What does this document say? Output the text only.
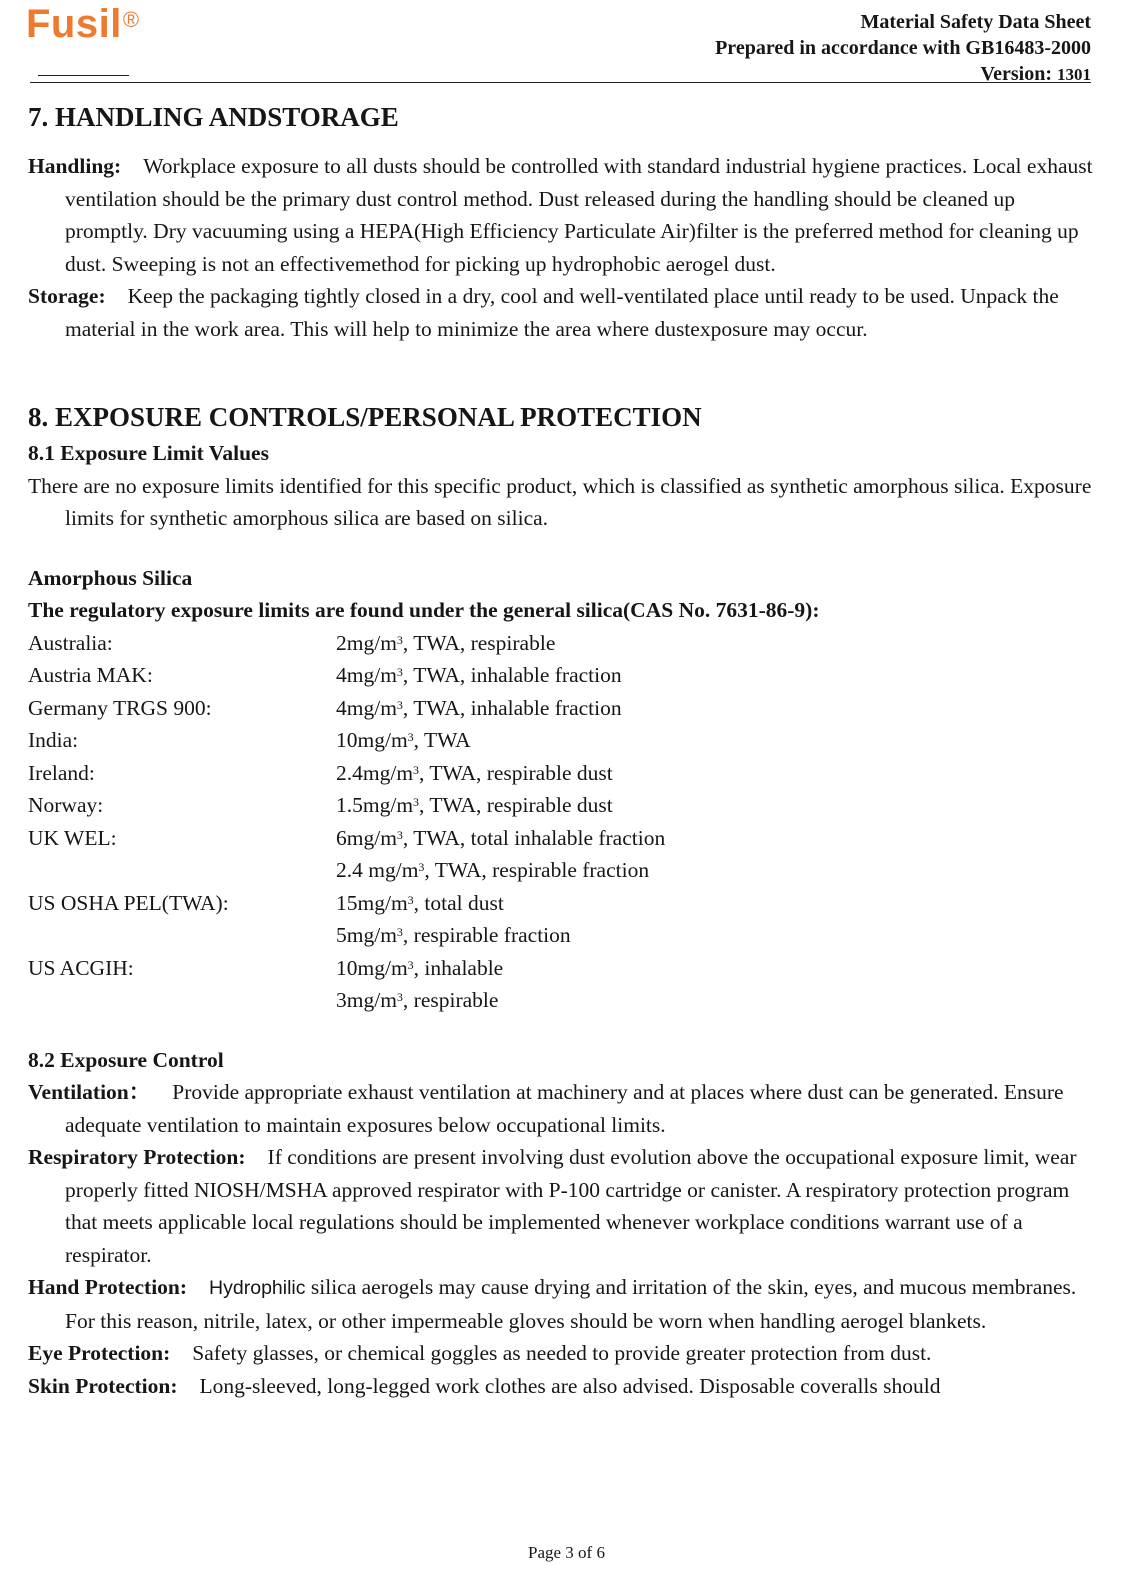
Fusil®	Material Safety Data Sheet
Prepared in accordance with GB16483-2000
Version: 1301
7. HANDLING ANDSTORAGE

Handling: Workplace exposure to all dusts should be controlled with standard industrial hygiene practices. Local exhaust ventilation should be the primary dust control method. Dust released during the handling should be cleaned up promptly. Dry vacuuming using a HEPA(High Efficiency Particulate Air)filter is the preferred method for cleaning up dust. Sweeping is not an effectivemethod for picking up hydrophobic aerogel dust.

Storage: Keep the packaging tightly closed in a dry, cool and well-ventilated place until ready to be used. Unpack the material in the work area. This will help to minimize the area where dustexposure may occur.

8. EXPOSURE CONTROLS/PERSONAL PROTECTION

8.1 Exposure Limit Values

There are no exposure limits identified for this specific product, which is classified as synthetic amorphous silica. Exposure limits for synthetic amorphous silica are based on silica.

Amorphous Silica

The regulatory exposure limits are found under the general silica(CAS No. 7631-86-9):

Australia:	$2mg/m^3$, TWA, respirable
Austria MAK:	$4mg/m^3$, TWA, inhalable fraction
Germany TRGS 900:	$4mg/m^3$, TWA, inhalable fraction
India:	$10mg/m^3$, TWA
Ireland:	$2.4mg/m^3$, TWA, respirable dust
Norway:	$1.5mg/m^3$, TWA, respirable dust
UK WEL:	$6mg/m^3$, TWA, total inhalable fraction
	2.4 $mg/m^3$, TWA, respirable fraction
US OSHA PEL(TWA):	$15mg/m^3$, total dust
	$5mg/m^3$, respirable fraction
US ACGIH:	$10mg/m^3$, inhalable
	$3mg/m^3$, respirable

8.2 Exposure Control

Ventilation： Provide appropriate exhaust ventilation at machinery and at places where dust can be generated. Ensure adequate ventilation to maintain exposures below occupational limits.

Respiratory Protection: If conditions are present involving dust evolution above the occupational exposure limit, wear properly fitted NIOSH/MSHA approved respirator with P-100 cartridge or canister. A respiratory protection program that meets applicable local regulations should be implemented whenever workplace conditions warrant use of a respirator.

Hand Protection: Hydrophilic silica aerogels may cause drying and irritation of the skin, eyes, and mucous membranes. For this reason, nitrile, latex, or other impermeable gloves should be worn when handling aerogel blankets.

Eye Protection: Safety glasses, or chemical goggles as needed to provide greater protection from dust.

Skin Protection: Long-sleeved, long-legged work clothes are also advised. Disposable coveralls should

Page 3 of 6
